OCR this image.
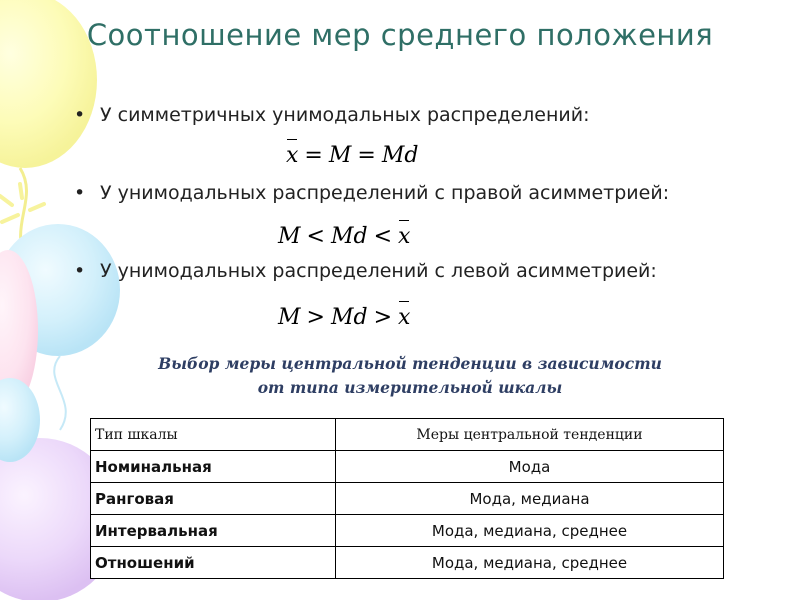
Соотношение мер среднего положения
• У симметричных унимодальных распределений:
x = M = Md
• У унимодальных распределений с правой асимметрией:
M < Md < x
• У унимодальных распределений с левой асимметрией:
M > Md > x
Выбор меры центральной тенденции в зависимости
от типа измерительной шкалы
Тип шкалы	Меры центральной тенденции
Номинальная	Мода
Ранговая	Мода, медиана
Интервальная	Мода, медиана, среднее
Отношений	Мода, медиана, среднее
